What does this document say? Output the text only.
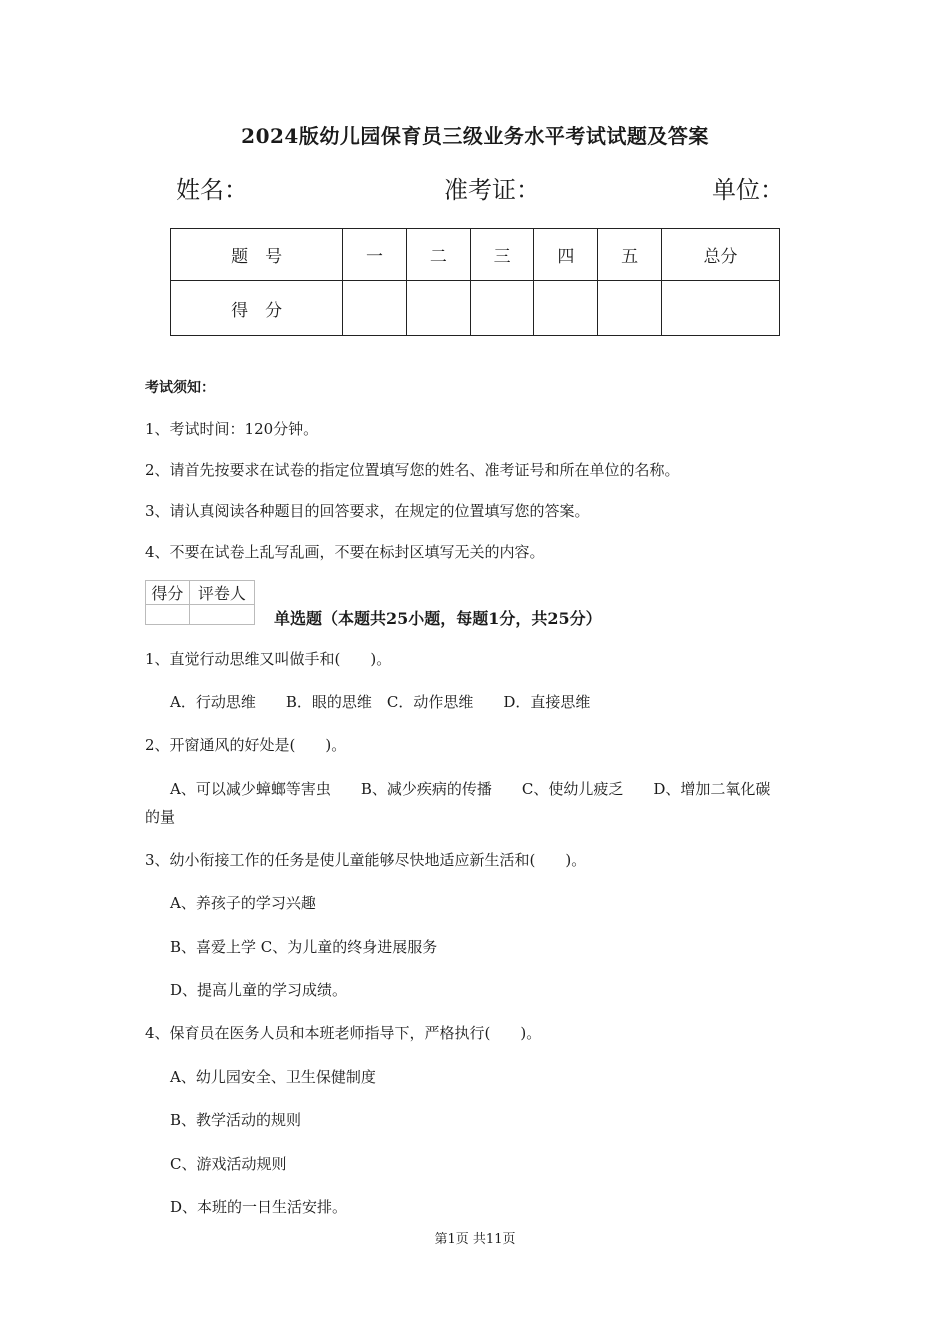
2024版幼儿园保育员三级业务水平考试试题及答案
姓名：	准考证：	单位：
题　号	一	二	三	四	五	总分
得　分						
考试须知：
1、考试时间：120分钟。
2、请首先按要求在试卷的指定位置填写您的姓名、准考证号和所在单位的名称。
3、请认真阅读各种题目的回答要求，在规定的位置填写您的答案。
4、不要在试卷上乱写乱画，不要在标封区填写无关的内容。
得分	评卷人

单选题（本题共25小题，每题1分，共25分）
1、直觉行动思维又叫做手和(　　)。
A．行动思维　　B．眼的思维　C．动作思维　　D．直接思维
2、开窗通风的好处是(　　)。
A、可以减少蟑螂等害虫　　B、减少疾病的传播　　C、使幼儿疲乏　　D、增加二氧化碳
的量
3、幼小衔接工作的任务是使儿童能够尽快地适应新生活和(　　)。
A、养孩子的学习兴趣
B、喜爱上学 C、为儿童的终身进展服务
D、提高儿童的学习成绩。
4、保育员在医务人员和本班老师指导下，严格执行(　　)。
A、幼儿园安全、卫生保健制度
B、教学活动的规则
C、游戏活动规则
D、本班的一日生活安排。
第1页 共11页
